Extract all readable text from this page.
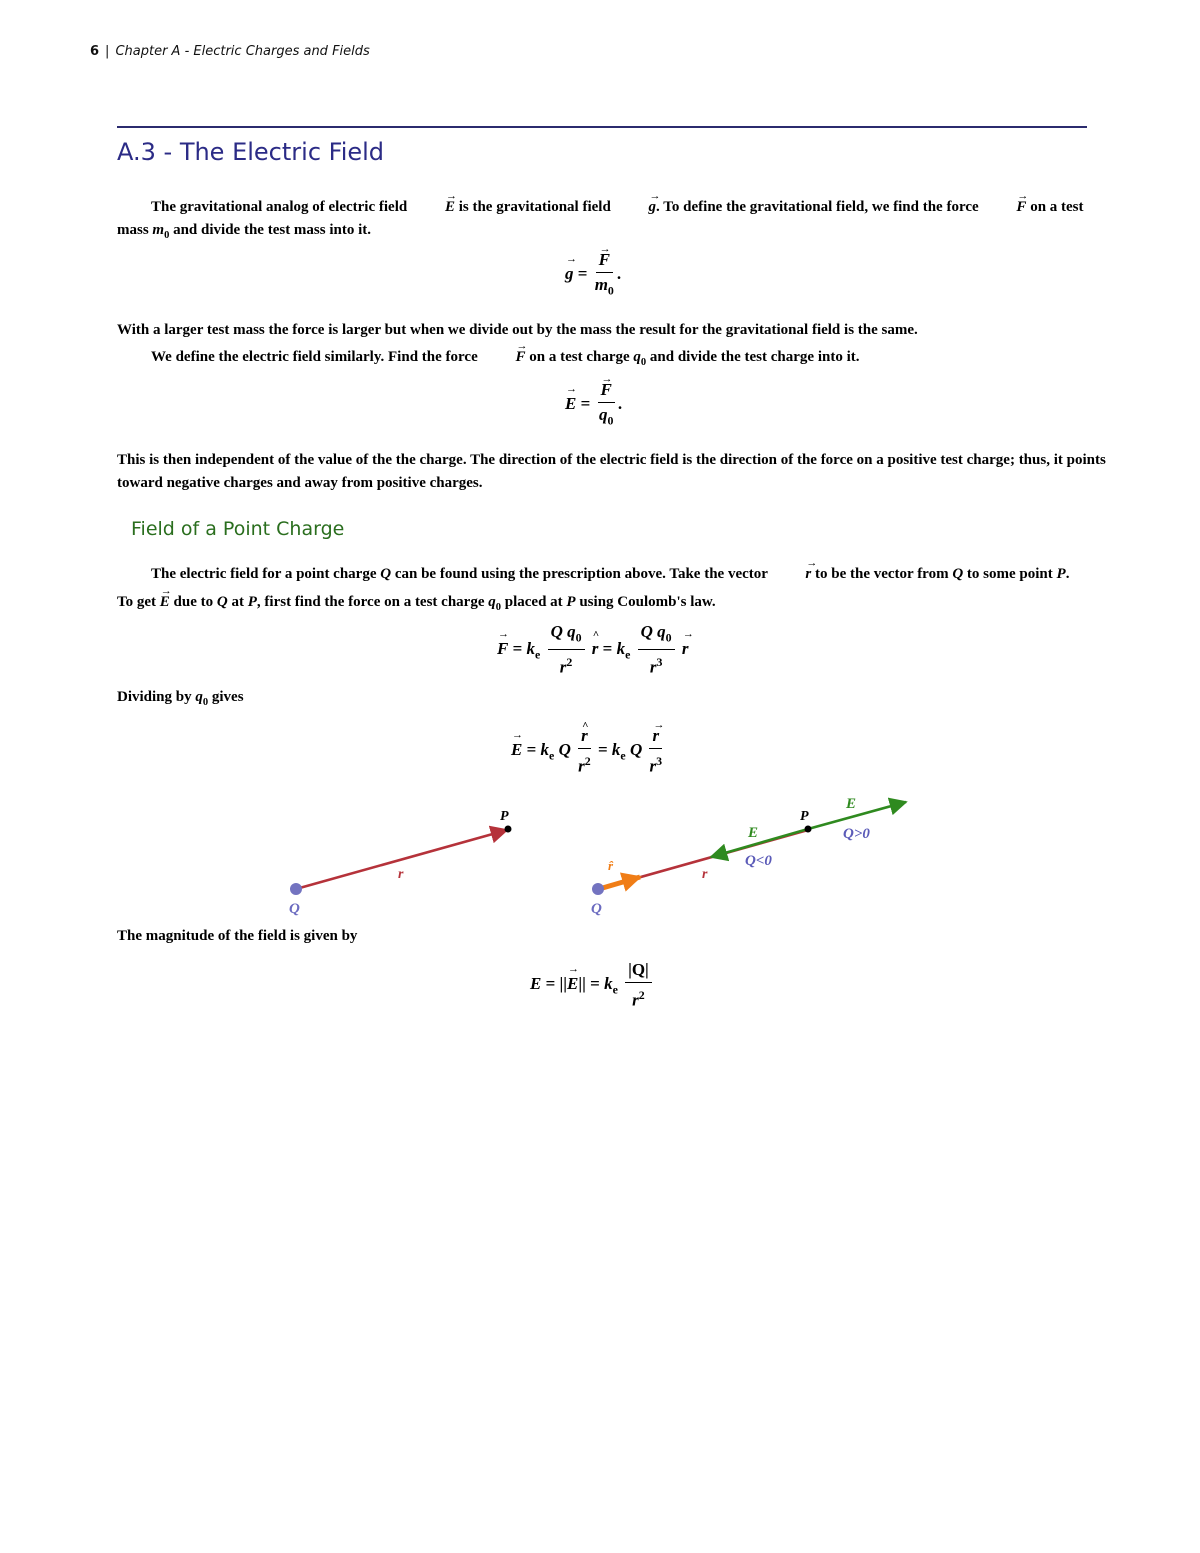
6 | Chapter A - Electric Charges and Fields
A.3 - The Electric Field
The gravitational analog of electric field → E is the gravitational field → g. To define the gravitational field, we find the force → F on a test mass $m_0$ and divide the test mass into it.
→ g = → $\frac{F}{m_0}$ .
With a larger test mass the force is larger but when we divide out by the mass the result for the gravitational field is the same.
We define the electric field similarly. Find the force → F on a test charge $q_0$ and divide the test charge into it.
→ E = → $\frac{F}{q_0}$ .
This is then independent of the value of the the charge. The direction of the electric field is the direction of the force on a positive test charge; thus, it points toward negative charges and away from positive charges.
Field of a Point Charge
The electric field for a point charge Q can be found using the prescription above. Take the vector → r to be the vector from Q to some point P.
To get → E due to Q at P, first find the force on a test charge $q_0$ placed at P using Coulomb's law.
→ $F = k_e \frac{Q q_0}{r^2}$ ^ $r = k_e \frac{Q q_0}{r^3} \to r$
Dividing by $q_0$ gives
→ $E = k_e$ Q ^ $\frac{r}{r^2} = k_e$ $Q \to \frac{r}{r^3}$
Q
P
r
Q
P
r̂
r
E
E
Q<0
Q>0
The magnitude of the field is given by
E = ||→ $E|| = k_e \frac{|Q|}{r^2}$
